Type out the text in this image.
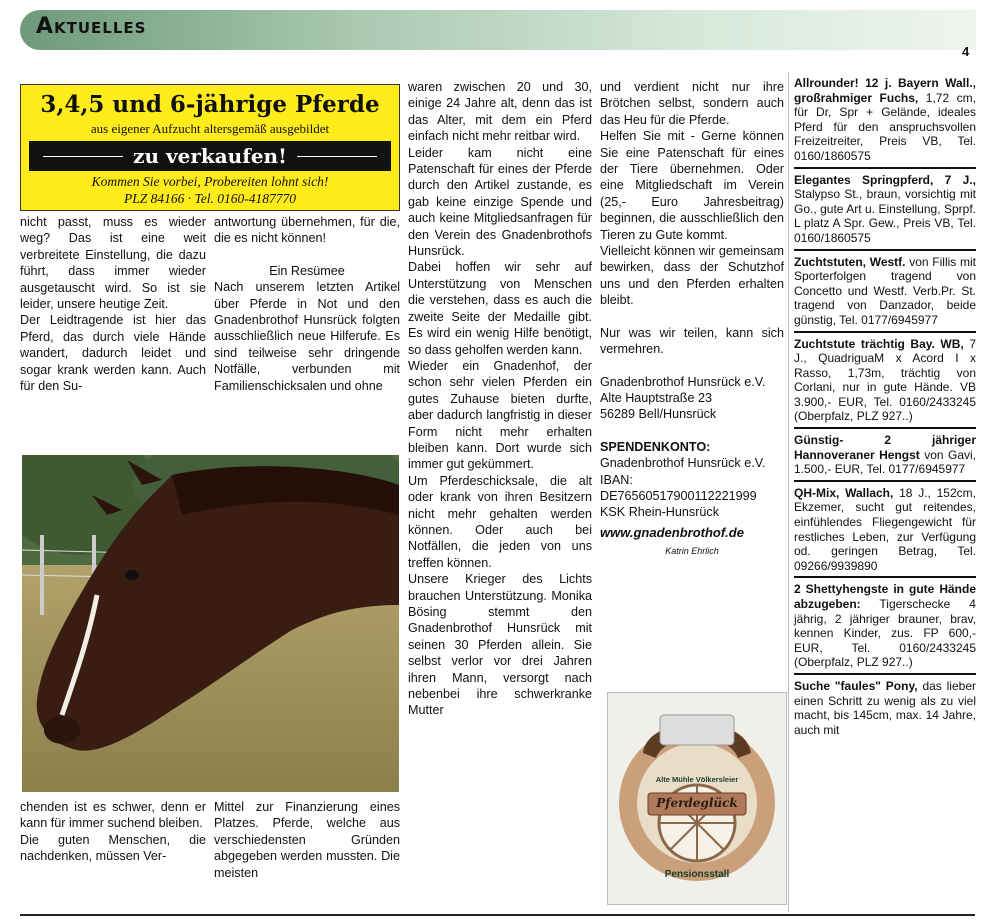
Aktuelles
4
3,4,5 und 6-jährige Pferde
aus eigener Aufzucht altersgemäß ausgebildet
zu verkaufen!
Kommen Sie vorbei, Probereiten lohnt sich!
PLZ 84166 · Tel. 0160-4187770

nicht passt, muss es wieder weg? Das ist eine weit verbreitete Einstellung, die dazu führt, dass immer wieder ausgetauscht wird. So ist sie leider, unsere heutige Zeit.

Der Leidtragende ist hier das Pferd, das durch viele Hände wandert, dadurch leidet und sogar krank werden kann. Auch für den Su-

antwortung übernehmen, für die, die es nicht können!

Ein Resümee

Nach unserem letzten Artikel über Pferde in Not und den Gnadenbrothof Hunsrück folgten ausschließlich neue Hilferufe. Es sind teilweise sehr dringende Notfälle, verbunden mit Familienschicksalen und ohne

chenden ist es schwer, denn er kann für immer suchend bleiben.

Die guten Menschen, die nachdenken, müssen Ver-

Mittel zur Finanzierung eines Platzes. Pferde, welche aus verschiedensten Gründen abgegeben werden mussten. Die meisten

waren zwischen 20 und 30, einige 24 Jahre alt, denn das ist das Alter, mit dem ein Pferd einfach nicht mehr reitbar wird.

Leider kam nicht eine Patenschaft für eines der Pferde durch den Artikel zustande, es gab keine einzige Spende und auch keine Mitgliedsanfragen für den Verein des Gnadenbrothofs Hunsrück.

Dabei hoffen wir sehr auf Unterstützung von Menschen die verstehen, dass es auch die zweite Seite der Medaille gibt. Es wird ein wenig Hilfe benötigt, so dass geholfen werden kann.

Wieder ein Gnadenhof, der schon sehr vielen Pferden ein gutes Zuhause bieten durfte, aber dadurch langfristig in dieser Form nicht mehr erhalten bleiben kann. Dort wurde sich immer gut gekümmert.

Um Pferdeschicksale, die alt oder krank von ihren Besitzern nicht mehr gehalten werden können. Oder auch bei Notfällen, die jeden von uns treffen können.

Unsere Krieger des Lichts brauchen Unterstützung. Monika Bösing stemmt den Gnadenbrothof Hunsrück mit seinen 30 Pferden allein. Sie selbst verlor vor drei Jahren ihren Mann, versorgt nach nebenbei ihre schwerkranke Mutter

und verdient nicht nur ihre Brötchen selbst, sondern auch das Heu für die Pferde.

Helfen Sie mit - Gerne können Sie eine Patenschaft für eines der Tiere übernehmen. Oder eine Mitgliedschaft im Verein (25,- Euro Jahresbeitrag) beginnen, die ausschließlich den Tieren zu Gute kommt.

Vielleicht können wir gemeinsam bewirken, dass der Schutzhof uns und den Pferden erhalten bleibt.

Nur was wir teilen, kann sich vermehren.

Gnadenbrothof Hunsrück e.V.
Alte Hauptstraße 23
56289 Bell/Hunsrück
SPENDENKONTO:
Gnadenbrothof Hunsrück e.V.
IBAN:
DE76560517900112221999
KSK Rhein-Hunsrück
www.gnadenbrothof.de
Katrin Ehrlich
Alte Mühle Völkersleier
Pferdeglück
Pensionsstall

Allrounder! 12 j. Bayern Wall., großrahmiger Fuchs, 1,72 cm, für Dr, Spr + Gelände, ideales Pferd für den anspruchsvollen Freizeitreiter, Preis VB, Tel. 0160/1860575

Elegantes Springpferd, 7 J., Stalypso St., braun, vorsichtig mit Go., gute Art u. Einstellung, Sprpf. L platz A Spr. Gew., Preis VB, Tel. 0160/1860575

Zuchtstuten, Westf. von Fillis mit Sporterfolgen tragend von Concetto und Westf. Verb.Pr. St. tragend von Danzador, beide günstig, Tel. 0177/6945977

Zuchtstute trächtig Bay. WB, 7 J., QuadriguaM x Acord I x Rasso, 1,73m, trächtig von Corlani, nur in gute Hände. VB 3.900,- EUR, Tel. 0160/2433245 (Oberpfalz, PLZ 927..)

Günstig- 2 jähriger Hannoveraner Hengst von Gavi, 1.500,- EUR, Tel. 0177/6945977

QH-Mix, Wallach, 18 J., 152cm, Ekzemer, sucht gut reitendes, einfühlendes Fliegengewicht für restliches Leben, zur Verfügung od. geringen Betrag, Tel. 09266/9939890

2 Shettyhengste in gute Hände abzugeben: Tigerschecke 4 jährig, 2 jähriger brauner, brav, kennen Kinder, zus. FP 600,- EUR, Tel. 0160/2433245 (Oberpfalz, PLZ 927..)

Suche "faules" Pony, das lieber einen Schritt zu wenig als zu viel macht, bis 145cm, max. 14 Jahre, auch mit
